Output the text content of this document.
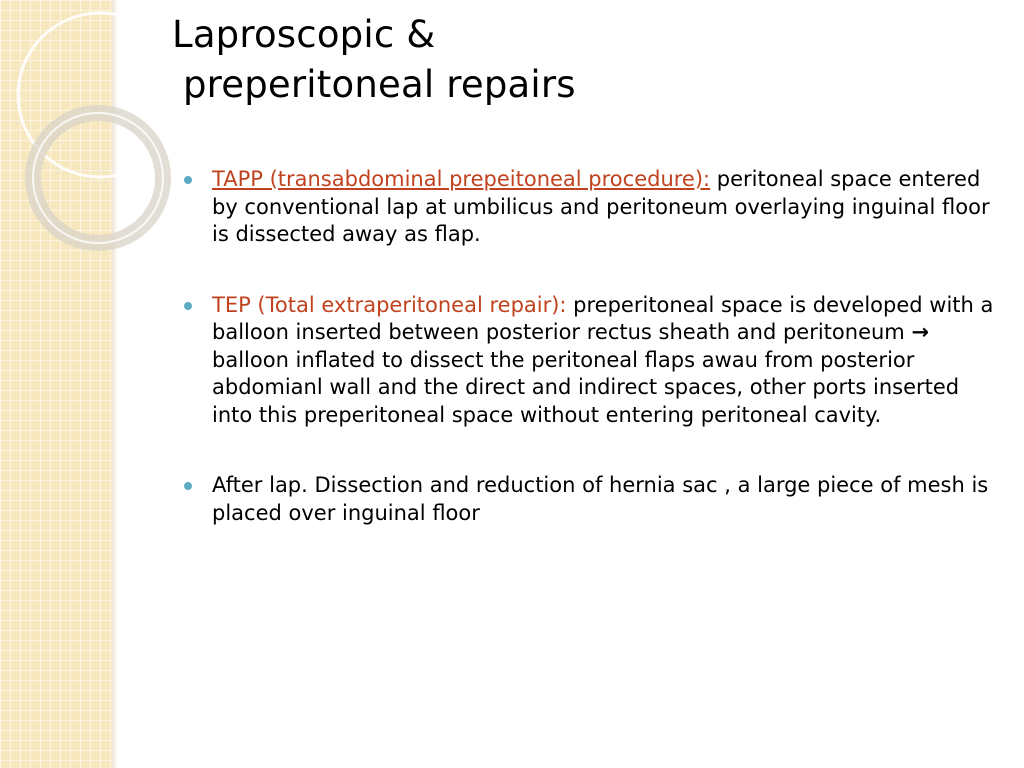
Laproscopic &
preperitoneal repairs
TAPP (transabdominal prepeitoneal procedure): peritoneal space entered by conventional lap at umbilicus and peritoneum overlaying inguinal floor is dissected away as flap.
TEP (Total extraperitoneal repair): preperitoneal space is developed with a balloon inserted between posterior rectus sheath and peritoneum → balloon inflated to dissect the peritoneal flaps awau from posterior abdomianl wall and the direct and indirect spaces, other ports inserted into this preperitoneal space without entering peritoneal cavity.
After lap. Dissection and reduction of hernia sac , a large piece of mesh is placed over inguinal floor
